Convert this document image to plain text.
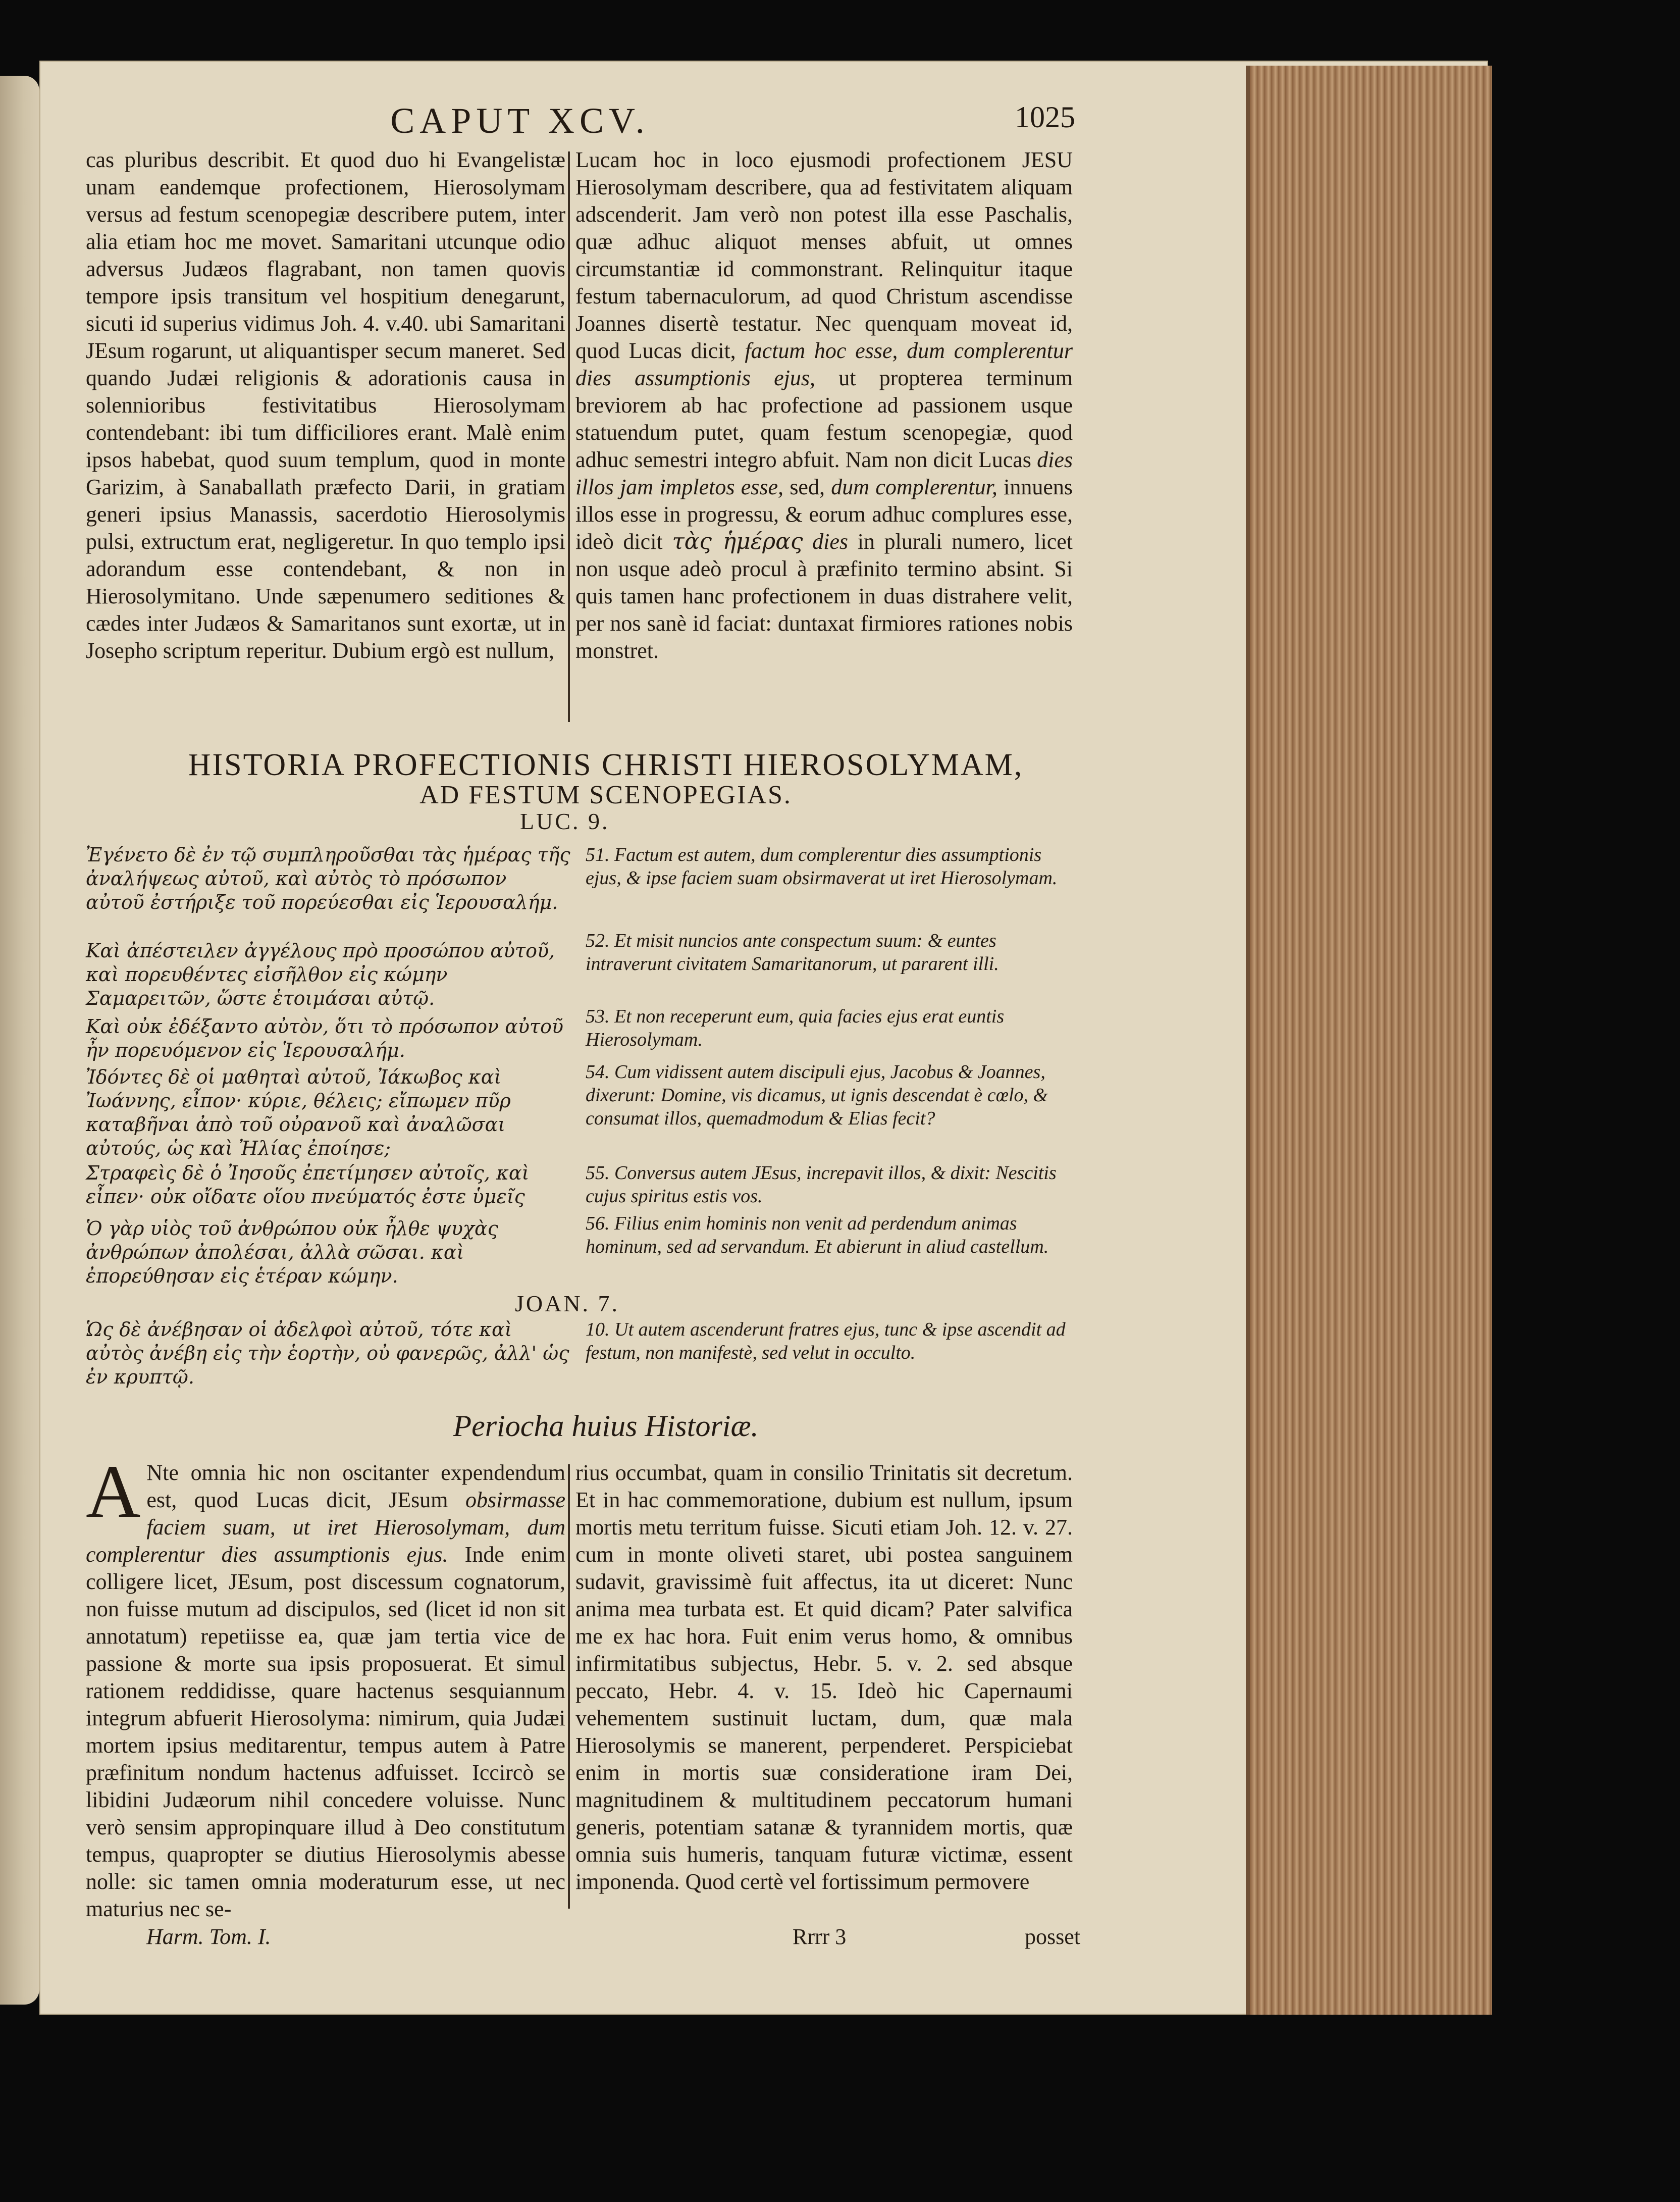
CAPUT XCV.	1025

cas pluribus describit. Et quod duo hi Evangelistæ unam eandemque profectionem, Hierosolymam versus ad festum scenopegiæ describere putem, inter alia etiam hoc me movet. Samaritani utcunque odio adversus Judæos flagrabant, non tamen quovis tempore ipsis transitum vel hospitium denegarunt, sicuti id superius vidimus Joh. 4. v.40. ubi Samaritani JEsum rogarunt, ut aliquantisper secum maneret. Sed quando Judæi religionis & adorationis causa in solennioribus festivitatibus Hierosolymam contendebant: ibi tum difficiliores erant. Malè enim ipsos habebat, quod suum templum, quod in monte Garizim, à Sanaballath præfecto Darii, in gratiam generi ipsius Manassis, sacerdotio Hierosolymis pulsi, extructum erat, negligeretur. In quo templo ipsi adorandum esse contendebant, & non in Hierosolymitano. Unde sæpenumero seditiones & cædes inter Judæos & Samaritanos sunt exortæ, ut in Josepho scriptum reperitur. Dubium ergò est nullum,

Lucam hoc in loco ejusmodi profectionem JESU Hierosolymam describere, qua ad festivitatem aliquam adscenderit. Jam verò non potest illa esse Paschalis, quæ adhuc aliquot menses abfuit, ut omnes circumstantiæ id commonstrant. Relinquitur itaque festum tabernaculorum, ad quod Christum ascendisse Joannes disertè testatur. Nec quenquam moveat id, quod Lucas dicit, factum hoc esse, dum complerentur dies assumptionis ejus, ut propterea terminum breviorem ab hac profectione ad passionem usque statuendum putet, quam festum scenopegiæ, quod adhuc semestri integro abfuit. Nam non dicit Lucas dies illos jam impletos esse, sed, dum complerentur, innuens illos esse in progressu, & eorum adhuc complures esse, ideò dicit τὰς ἡμέρας dies in plurali numero, licet non usque adeò procul à præfinito termino absint. Si quis tamen hanc profectionem in duas distrahere velit, per nos sanè id faciat: duntaxat firmiores rationes nobis monstret.

HISTORIA PROFECTIONIS CHRISTI HIEROSOLYMAM,
AD FESTUM SCENOPEGIAS.
LUC. 9.
Ἐγένετο δὲ ἐν τῷ συμπληροῦσθαι τὰς ἡμέρας τῆς ἀναλήψεως αὐτοῦ, καὶ αὐτὸς τὸ πρόσωπον αὐτοῦ ἐστήριξε τοῦ πορεύεσθαι εἰς Ἱερουσαλήμ.
51. Factum est autem, dum complerentur dies assumptionis ejus, & ipse faciem suam obsirmaverat ut iret Hierosolymam.
Καὶ ἀπέστειλεν ἀγγέλους πρὸ προσώπου αὐτοῦ, καὶ πορευθέντες εἰσῆλθον εἰς κώμην Σαμαρειτῶν, ὥστε ἑτοιμάσαι αὐτῷ.
52. Et misit nuncios ante conspectum suum: & euntes intraverunt civitatem Samaritanorum, ut pararent illi.
Καὶ οὐκ ἐδέξαντο αὐτὸν, ὅτι τὸ πρόσωπον αὐτοῦ ἦν πορευόμενον εἰς Ἱερουσαλήμ.
53. Et non receperunt eum, quia facies ejus erat euntis Hierosolymam.
Ἰδόντες δὲ οἱ μαθηταὶ αὐτοῦ, Ἰάκωβος καὶ Ἰωάννης, εἶπον· κύριε, θέλεις; εἴπωμεν πῦρ καταβῆναι ἀπὸ τοῦ οὐρανοῦ καὶ ἀναλῶσαι αὐτούς, ὡς καὶ Ἠλίας ἐποίησε;
54. Cum vidissent autem discipuli ejus, Jacobus & Joannes, dixerunt: Domine, vis dicamus, ut ignis descendat è cœlo, & consumat illos, quemadmodum & Elias fecit?
Στραφεὶς δὲ ὁ Ἰησοῦς ἐπετίμησεν αὐτοῖς, καὶ εἶπεν· οὐκ οἴδατε οἵου πνεύματός ἐστε ὑμεῖς
55. Conversus autem JEsus, increpavit illos, & dixit: Nescitis cujus spiritus estis vos.
Ὁ γὰρ υἱὸς τοῦ ἀνθρώπου οὐκ ἦλθε ψυχὰς ἀνθρώπων ἀπολέσαι, ἀλλὰ σῶσαι. καὶ ἐπορεύθησαν εἰς ἑτέραν κώμην.
56. Filius enim hominis non venit ad perdendum animas hominum, sed ad servandum. Et abierunt in aliud castellum.
JOAN. 7.
Ὡς δὲ ἀνέβησαν οἱ ἀδελφοὶ αὐτοῦ, τότε καὶ αὐτὸς ἀνέβη εἰς τὴν ἑορτὴν, οὐ φανερῶς, ἀλλ' ὡς ἐν κρυπτῷ.
10. Ut autem ascenderunt fratres ejus, tunc & ipse ascendit ad festum, non manifestè, sed velut in occulto.
Periocha huius Historiæ.

A Nte omnia hic non oscitanter expendendum est, quod Lucas dicit, JEsum obsirmasse faciem suam, ut iret Hierosolymam, dum complerentur dies assumptionis ejus. Inde enim colligere licet, JEsum, post discessum cognatorum, non fuisse mutum ad discipulos, sed (licet id non sit annotatum) repetiisse ea, quæ jam tertia vice de passione & morte sua ipsis proposuerat. Et simul rationem reddidisse, quare hactenus sesquiannum integrum abfuerit Hierosolyma: nimirum, quia Judæi mortem ipsius meditarentur, tempus autem à Patre præfinitum nondum hactenus adfuisset. Iccircò se libidini Judæorum nihil concedere voluisse. Nunc verò sensim appropinquare illud à Deo constitutum tempus, quapropter se diutius Hierosolymis abesse nolle: sic tamen omnia moderaturum esse, ut nec maturius nec se-

rius occumbat, quam in consilio Trinitatis sit decretum. Et in hac commemoratione, dubium est nullum, ipsum mortis metu territum fuisse. Sicuti etiam Joh. 12. v. 27. cum in monte oliveti staret, ubi postea sanguinem sudavit, gravissimè fuit affectus, ita ut diceret: Nunc anima mea turbata est. Et quid dicam? Pater salvifica me ex hac hora. Fuit enim verus homo, & omnibus infirmitatibus subjectus, Hebr. 5. v. 2. sed absque peccato, Hebr. 4. v. 15. Ideò hic Capernaumi vehementem sustinuit luctam, dum, quæ mala Hierosolymis se manerent, perpenderet. Perspiciebat enim in mortis suæ consideratione iram Dei, magnitudinem & multitudinem peccatorum humani generis, potentiam satanæ & tyrannidem mortis, quæ omnia suis humeris, tanquam futuræ victimæ, essent imponenda. Quod certè vel fortissimum permovere

Harm. Tom. I.	Rrrr 3	posset
